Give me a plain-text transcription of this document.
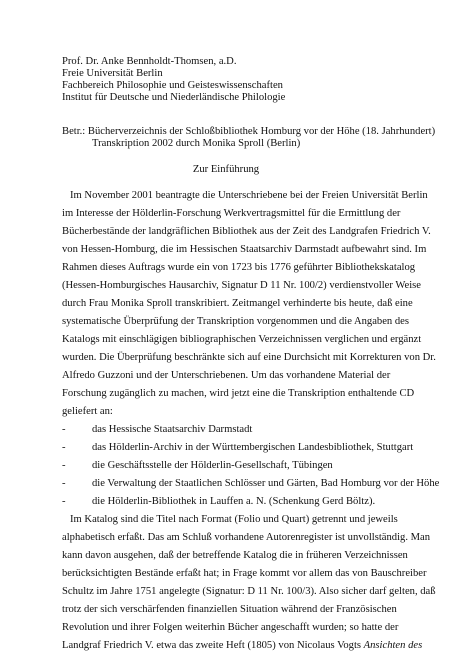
Prof. Dr. Anke Bennholdt-Thomsen, a.D.
Freie Universität Berlin
Fachbereich Philosophie und Geisteswissenschaften
Institut für Deutsche und Niederländische Philologie
Betr.: Bücherverzeichnis der Schloßbibliothek Homburg vor der Höhe (18. Jahrhundert)
Transkription 2002 durch Monika Sproll (Berlin)
Zur Einführung
Im November 2001 beantragte die Unterschriebene bei der Freien Universität Berlin
im Interesse der Hölderlin-Forschung Werkvertragsmittel für die Ermittlung der
Bücherbestände der landgräflichen Bibliothek aus der Zeit des Landgrafen Friedrich V.
von Hessen-Homburg, die im Hessischen Staatsarchiv Darmstadt aufbewahrt sind. Im
Rahmen dieses Auftrags wurde ein von 1723 bis 1776 geführter Bibliothekskatalog
(Hessen-Homburgisches Hausarchiv, Signatur D 11 Nr. 100/2) verdienstvoller Weise
durch Frau Monika Sproll transkribiert. Zeitmangel verhinderte bis heute, daß eine
systematische Überprüfung der Transkription vorgenommen und die Angaben des
Katalogs mit einschlägigen bibliographischen Verzeichnissen verglichen und ergänzt
wurden. Die Überprüfung beschränkte sich auf eine Durchsicht mit Korrekturen von Dr.
Alfredo Guzzoni und der Unterschriebenen. Um das vorhandene Material der
Forschung zugänglich zu machen, wird jetzt eine die Transkription enthaltende CD
geliefert an:
- das Hessische Staatsarchiv Darmstadt
- das Hölderlin-Archiv in der Württembergischen Landesbibliothek, Stuttgart
- die Geschäftsstelle der Hölderlin-Gesellschaft, Tübingen
- die Verwaltung der Staatlichen Schlösser und Gärten, Bad Homburg vor der Höhe
- die Hölderlin-Bibliothek in Lauffen a. N. (Schenkung Gerd Böltz).
Im Katalog sind die Titel nach Format (Folio und Quart) getrennt und jeweils
alphabetisch erfaßt. Das am Schluß vorhandene Autorenregister ist unvollständig. Man
kann davon ausgehen, daß der betreffende Katalog die in früheren Verzeichnissen
berücksichtigten Bestände erfaßt hat; in Frage kommt vor allem das von Bauschreiber
Schultz im Jahre 1751 angelegte (Signatur: D 11 Nr. 100/3). Also sicher darf gelten, daß
trotz der sich verschärfenden finanziellen Situation während der Französischen
Revolution und ihrer Folgen weiterhin Bücher angeschafft wurden; so hatte der
Landgraf Friedrich V. etwa das zweite Heft (1805) von Nicolaus Vogts Ansichten des
